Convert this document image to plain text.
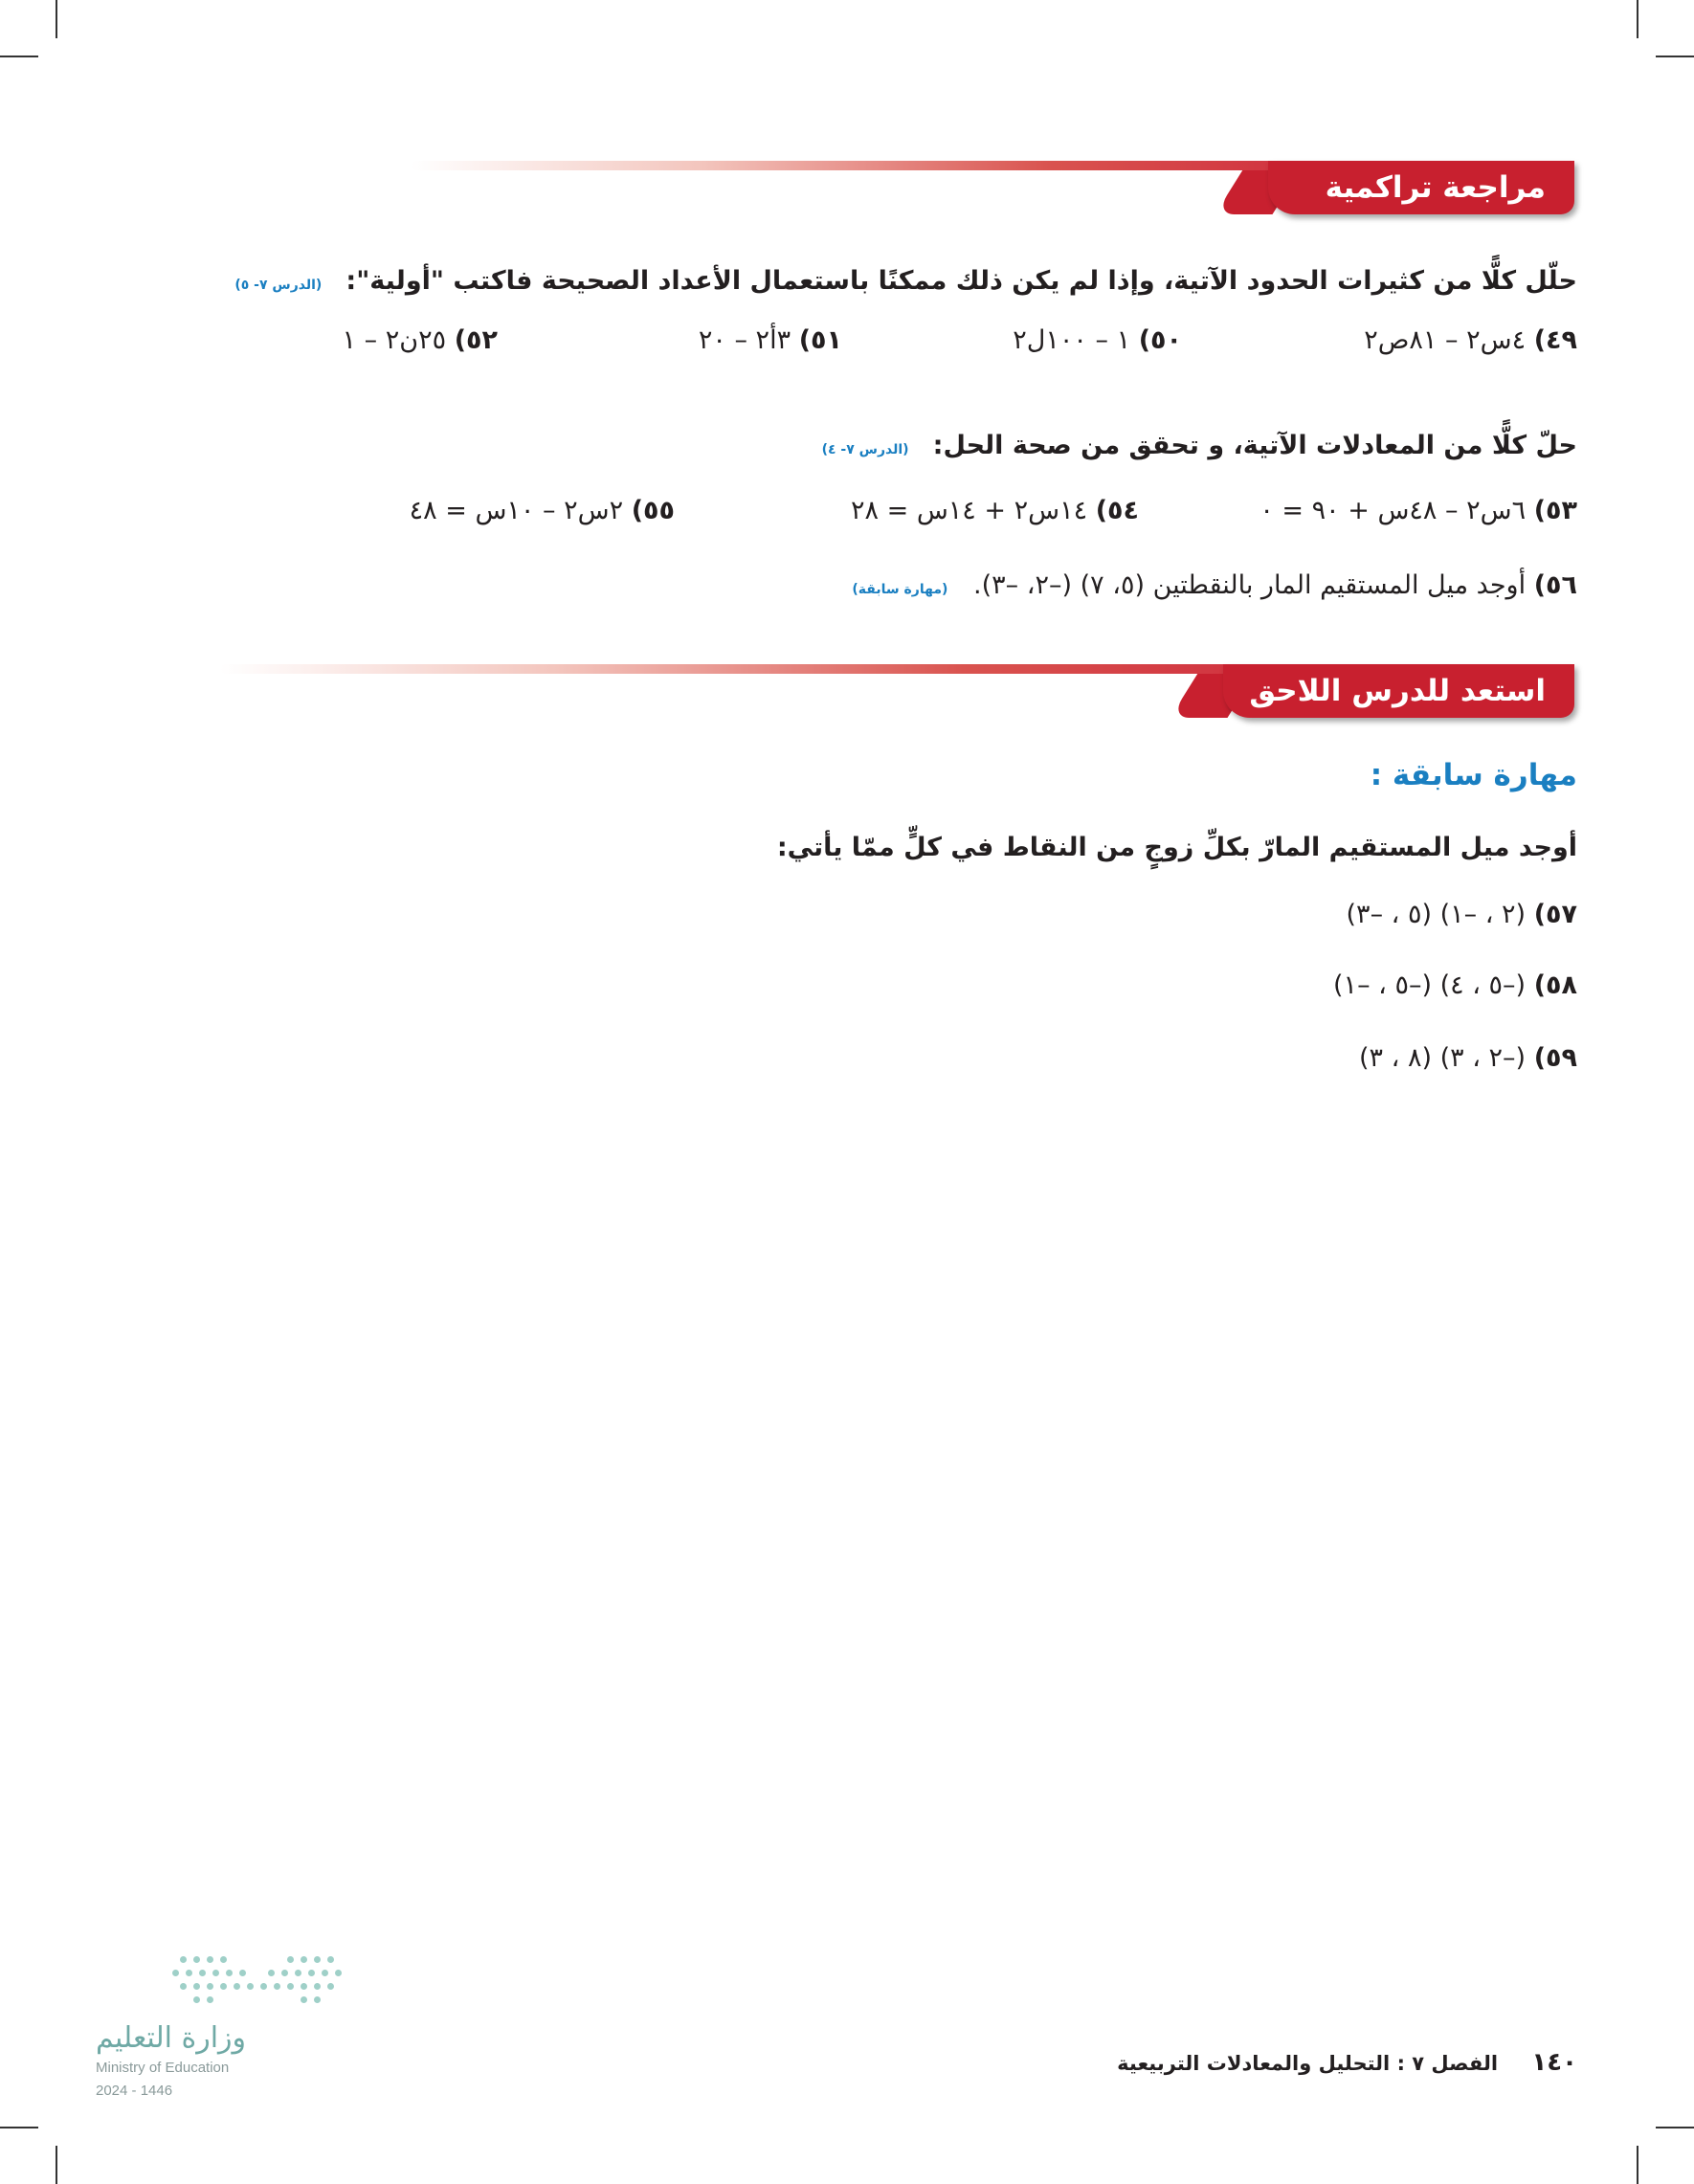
مراجعة تراكمية
حلّل كلًّا من كثيرات الحدود الآتية، وإذا لم يكن ذلك ممكنًا باستعمال الأعداد الصحيحة فاكتب "أولية": (الدرس ٧- ٥)
٤٩) ٤س٢ – ٨١ص٢
٥٠) ١ – ١٠٠ل٢
٥١) ٣أ٢ – ٢٠
٥٢) ٢٥ن٢ – ١
حلّ كلًّا من المعادلات الآتية، و تحقق من صحة الحل: (الدرس ٧- ٤)
٥٣) ٦س٢ – ٤٨س + ٩٠ = ٠
٥٤) ١٤س٢ + ١٤س = ٢٨
٥٥) ٢س٢ – ١٠س = ٤٨
٥٦) أوجد ميل المستقيم المار بالنقطتين (٥، ٧) (–٢، –٣). (مهارة سابقة)
استعد للدرس اللاحق
مهارة سابقة :
أوجد ميل المستقيم المارّ بكلِّ زوجٍ من النقاط في كلٍّ ممّا يأتي:
٥٧) (٢ ، –١) (٥ ، –٣)
٥٨) (–٥ ، ٤) (–٥ ، –١)
٥٩) (–٢ ، ٣) (٨ ، ٣)
وزارة التعليم
Ministry of Education
2024 - 1446
١٤٠ الفصل ٧ : التحليل والمعادلات التربيعية
